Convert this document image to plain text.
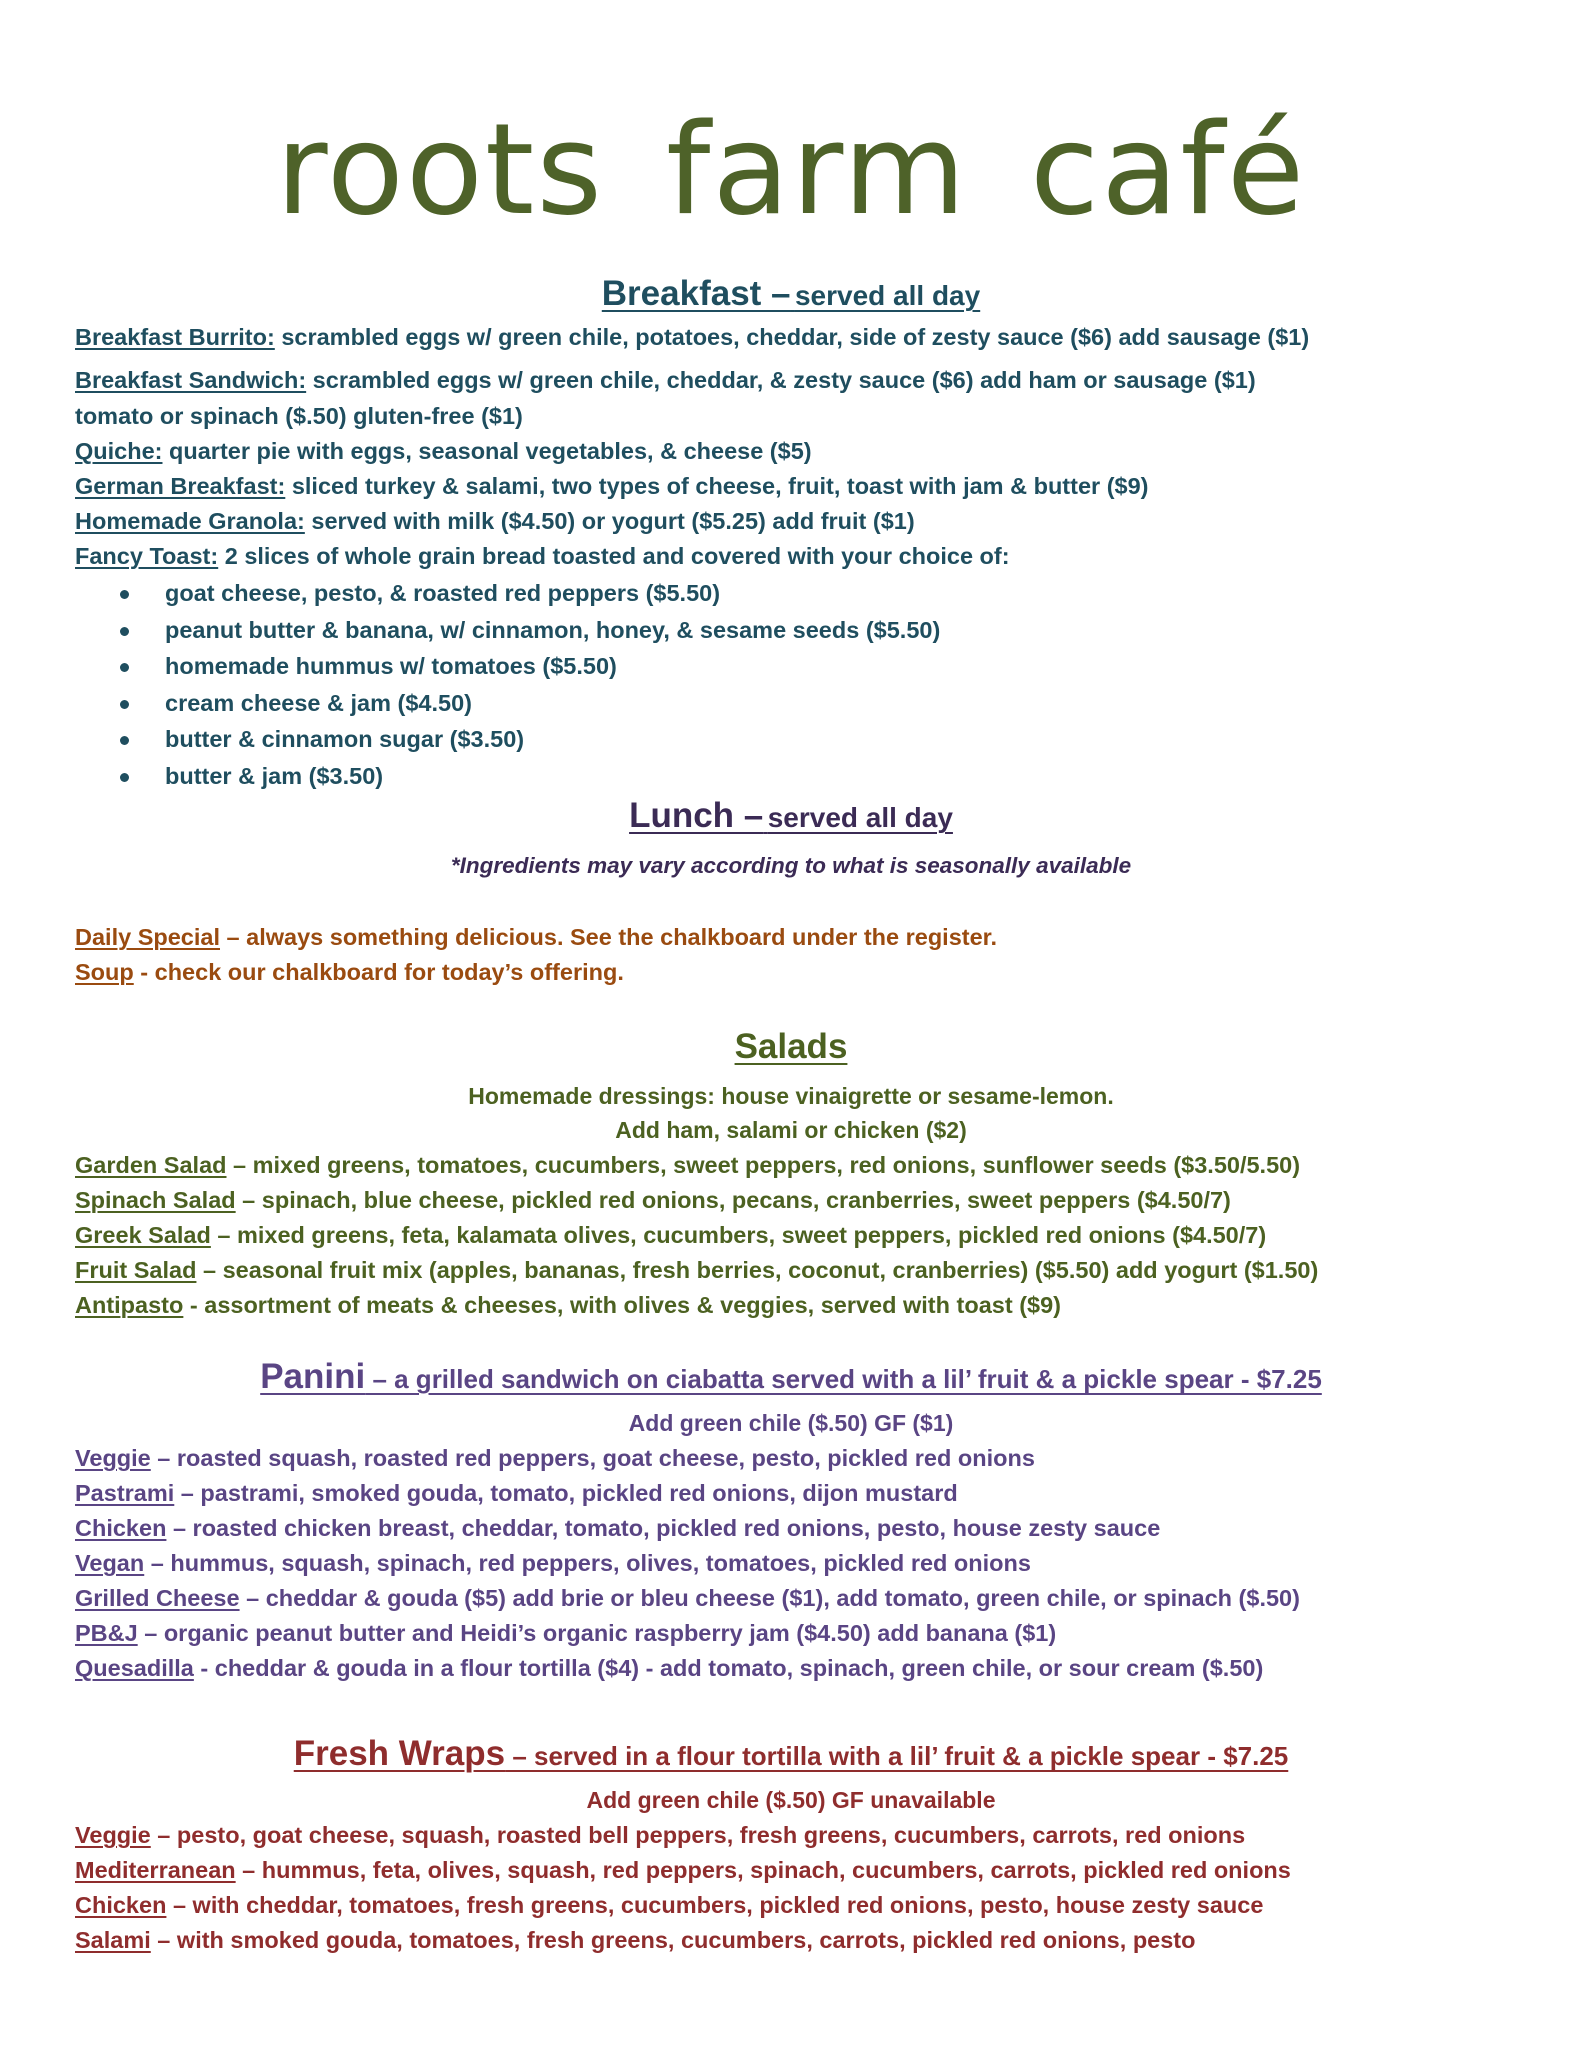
roots farm café
Breakfast – served all day
Breakfast Burrito: scrambled eggs w/ green chile, potatoes, cheddar, side of zesty sauce ($6) add sausage ($1)
Breakfast Sandwich: scrambled eggs w/ green chile, cheddar, & zesty sauce ($6) add ham or sausage ($1)
tomato or spinach ($.50) gluten-free ($1)
Quiche: quarter pie with eggs, seasonal vegetables, & cheese ($5)
German Breakfast: sliced turkey & salami, two types of cheese, fruit, toast with jam & butter ($9)
Homemade Granola: served with milk ($4.50) or yogurt ($5.25) add fruit ($1)
Fancy Toast: 2 slices of whole grain bread toasted and covered with your choice of:
goat cheese, pesto, & roasted red peppers ($5.50)
peanut butter & banana, w/ cinnamon, honey, & sesame seeds ($5.50)
homemade hummus w/ tomatoes ($5.50)
cream cheese & jam ($4.50)
butter & cinnamon sugar ($3.50)
butter & jam ($3.50)
Lunch – served all day
*Ingredients may vary according to what is seasonally available
Daily Special – always something delicious. See the chalkboard under the register.
Soup - check our chalkboard for today’s offering.
Salads
Homemade dressings: house vinaigrette or sesame-lemon.
Add ham, salami or chicken ($2)
Garden Salad – mixed greens, tomatoes, cucumbers, sweet peppers, red onions, sunflower seeds ($3.50/5.50)
Spinach Salad – spinach, blue cheese, pickled red onions, pecans, cranberries, sweet peppers ($4.50/7)
Greek Salad – mixed greens, feta, kalamata olives, cucumbers, sweet peppers, pickled red onions ($4.50/7)
Fruit Salad – seasonal fruit mix (apples, bananas, fresh berries, coconut, cranberries) ($5.50) add yogurt ($1.50)
Antipasto - assortment of meats & cheeses, with olives & veggies, served with toast ($9)
Panini – a grilled sandwich on ciabatta served with a lil’ fruit & a pickle spear - $7.25
Add green chile ($.50) GF ($1)
Veggie – roasted squash, roasted red peppers, goat cheese, pesto, pickled red onions
Pastrami – pastrami, smoked gouda, tomato, pickled red onions, dijon mustard
Chicken – roasted chicken breast, cheddar, tomato, pickled red onions, pesto, house zesty sauce
Vegan – hummus, squash, spinach, red peppers, olives, tomatoes, pickled red onions
Grilled Cheese – cheddar & gouda ($5) add brie or bleu cheese ($1), add tomato, green chile, or spinach ($.50)
PB&J – organic peanut butter and Heidi’s organic raspberry jam ($4.50) add banana ($1)
Quesadilla - cheddar & gouda in a flour tortilla ($4) - add tomato, spinach, green chile, or sour cream ($.50)
Fresh Wraps – served in a flour tortilla with a lil’ fruit & a pickle spear - $7.25
Add green chile ($.50) GF unavailable
Veggie – pesto, goat cheese, squash, roasted bell peppers, fresh greens, cucumbers, carrots, red onions
Mediterranean – hummus, feta, olives, squash, red peppers, spinach, cucumbers, carrots, pickled red onions
Chicken – with cheddar, tomatoes, fresh greens, cucumbers, pickled red onions, pesto, house zesty sauce
Salami – with smoked gouda, tomatoes, fresh greens, cucumbers, carrots, pickled red onions, pesto
